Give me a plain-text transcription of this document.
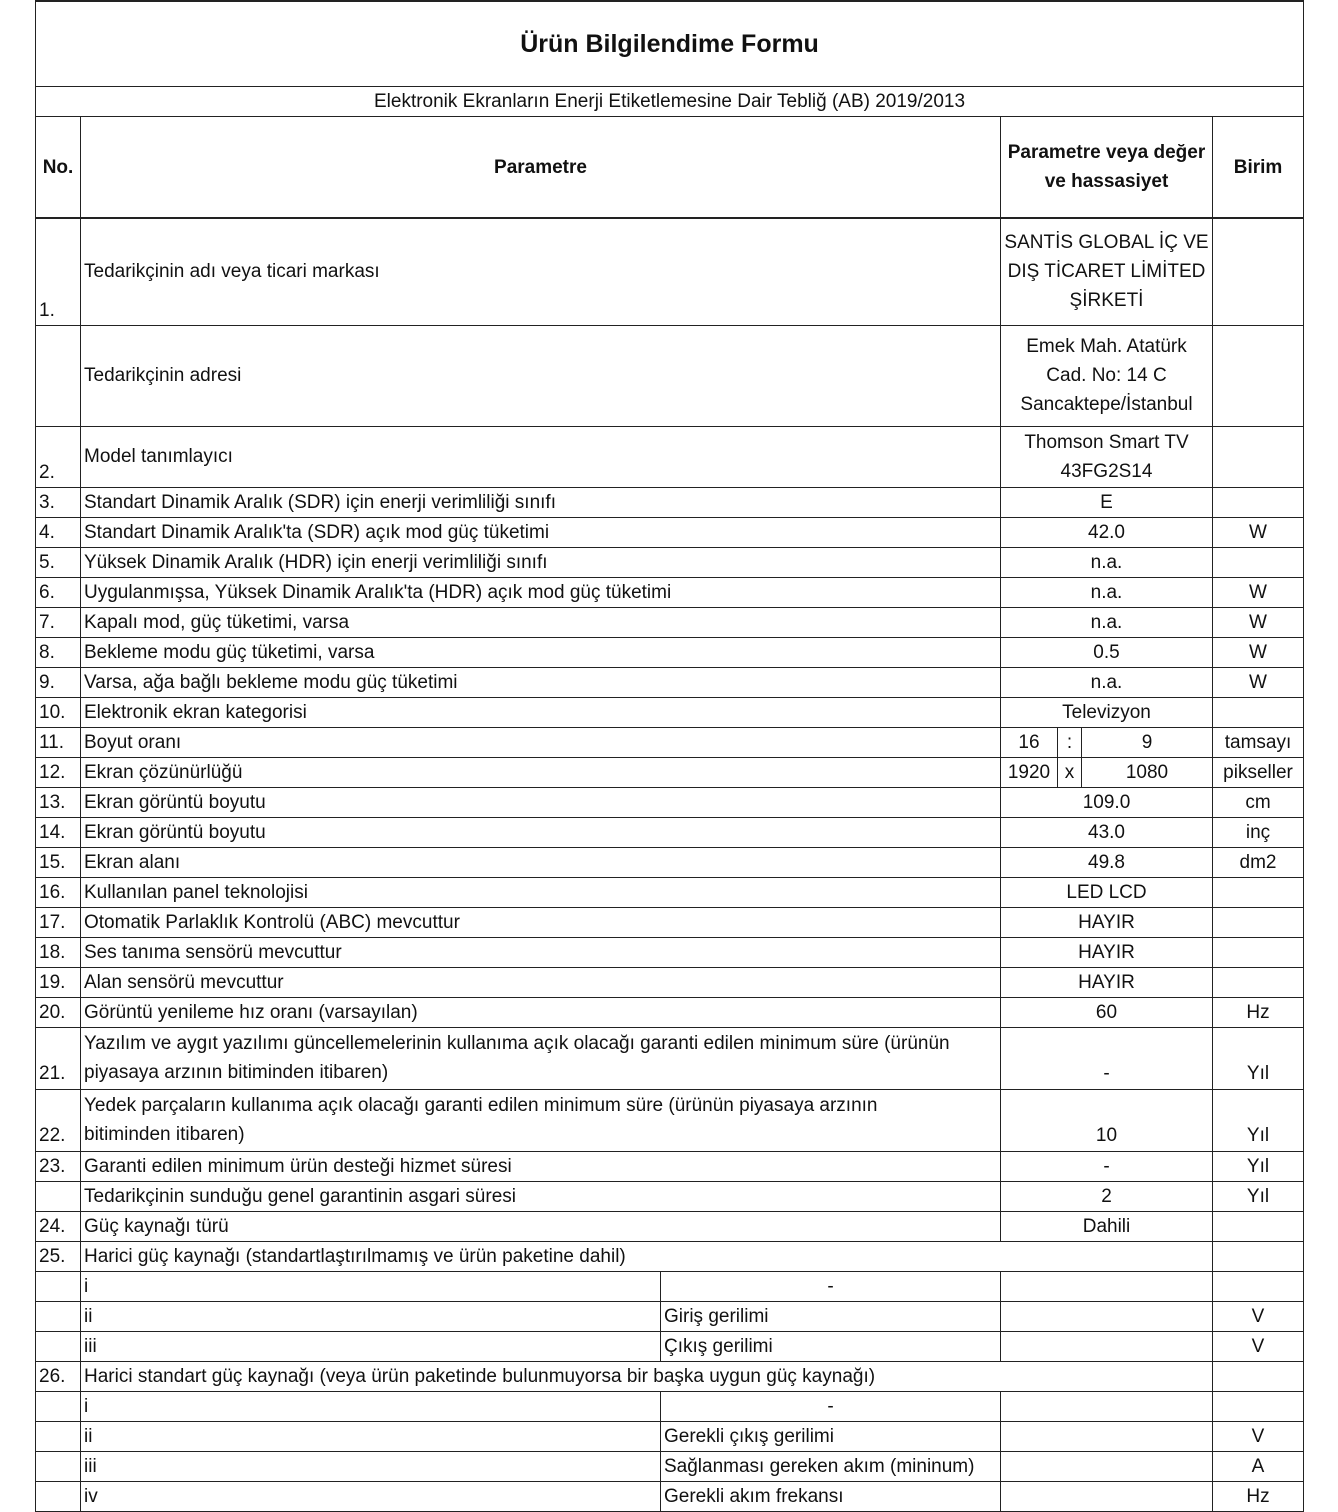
Ürün Bilgilendime Formu						
Elektronik Ekranların Enerji Etiketlemesine Dair Tebliğ (AB) 2019/2013						
No.	Parametre		Parametre veya değer ve hassasiyet			Birim
1.	Tedarikçinin adı veya ticari markası		SANTİS GLOBAL İÇ VE DIŞ TİCARET LİMİTED ŞİRKETİ			
	Tedarikçinin adresi		Emek Mah. Atatürk Cad. No: 14 C Sancaktepe/İstanbul			
2.	Model tanımlayıcı		Thomson Smart TV 43FG2S14			
3.	Standart Dinamik Aralık (SDR) için enerji verimliliği sınıfı		E			
4.	Standart Dinamik Aralık'ta (SDR) açık mod güç tüketimi		42.0			W
5.	Yüksek Dinamik Aralık (HDR) için enerji verimliliği sınıfı		n.a.			
6.	Uygulanmışsa, Yüksek Dinamik Aralık'ta (HDR) açık mod güç tüketimi		n.a.			W
7.	Kapalı mod, güç tüketimi, varsa		n.a.			W
8.	Bekleme modu güç tüketimi, varsa		0.5			W
9.	Varsa, ağa bağlı bekleme modu güç tüketimi		n.a.			W
10.	Elektronik ekran kategorisi		Televizyon			
11.	Boyut oranı		16	:	9	tamsayı
12.	Ekran çözünürlüğü		1920	x	1080	pikseller
13.	Ekran görüntü boyutu		109.0			cm
14.	Ekran görüntü boyutu		43.0			inç
15.	Ekran alanı		49.8			dm2
16.	Kullanılan panel teknolojisi		LED LCD			
17.	Otomatik Parlaklık Kontrolü (ABC) mevcuttur		HAYIR			
18.	Ses tanıma sensörü mevcuttur		HAYIR			
19.	Alan sensörü mevcuttur		HAYIR			
20.	Görüntü yenileme hız oranı (varsayılan)		60			Hz
21.	Yazılım ve aygıt yazılımı güncellemelerinin kullanıma açık olacağı garanti edilen minimum süre (ürünün piyasaya arzının bitiminden itibaren)		-			Yıl
22.	Yedek parçaların kullanıma açık olacağı garanti edilen minimum süre (ürünün piyasaya arzının bitiminden itibaren)		10			Yıl
23.	Garanti edilen minimum ürün desteği hizmet süresi		-			Yıl
	Tedarikçinin sunduğu genel garantinin asgari süresi		2			Yıl
24.	Güç kaynağı türü		Dahili			
25.	Harici güç kaynağı (standartlaştırılmamış ve ürün paketine dahil)					
	i	-				
	ii	Giriş gerilimi				V
	iii	Çıkış gerilimi				V
26.	Harici standart güç kaynağı (veya ürün paketinde bulunmuyorsa bir başka uygun güç kaynağı)					
	i	-				
	ii	Gerekli çıkış gerilimi				V
	iii	Sağlanması gereken akım (mininum)				A
	iv	Gerekli akım frekansı				Hz
